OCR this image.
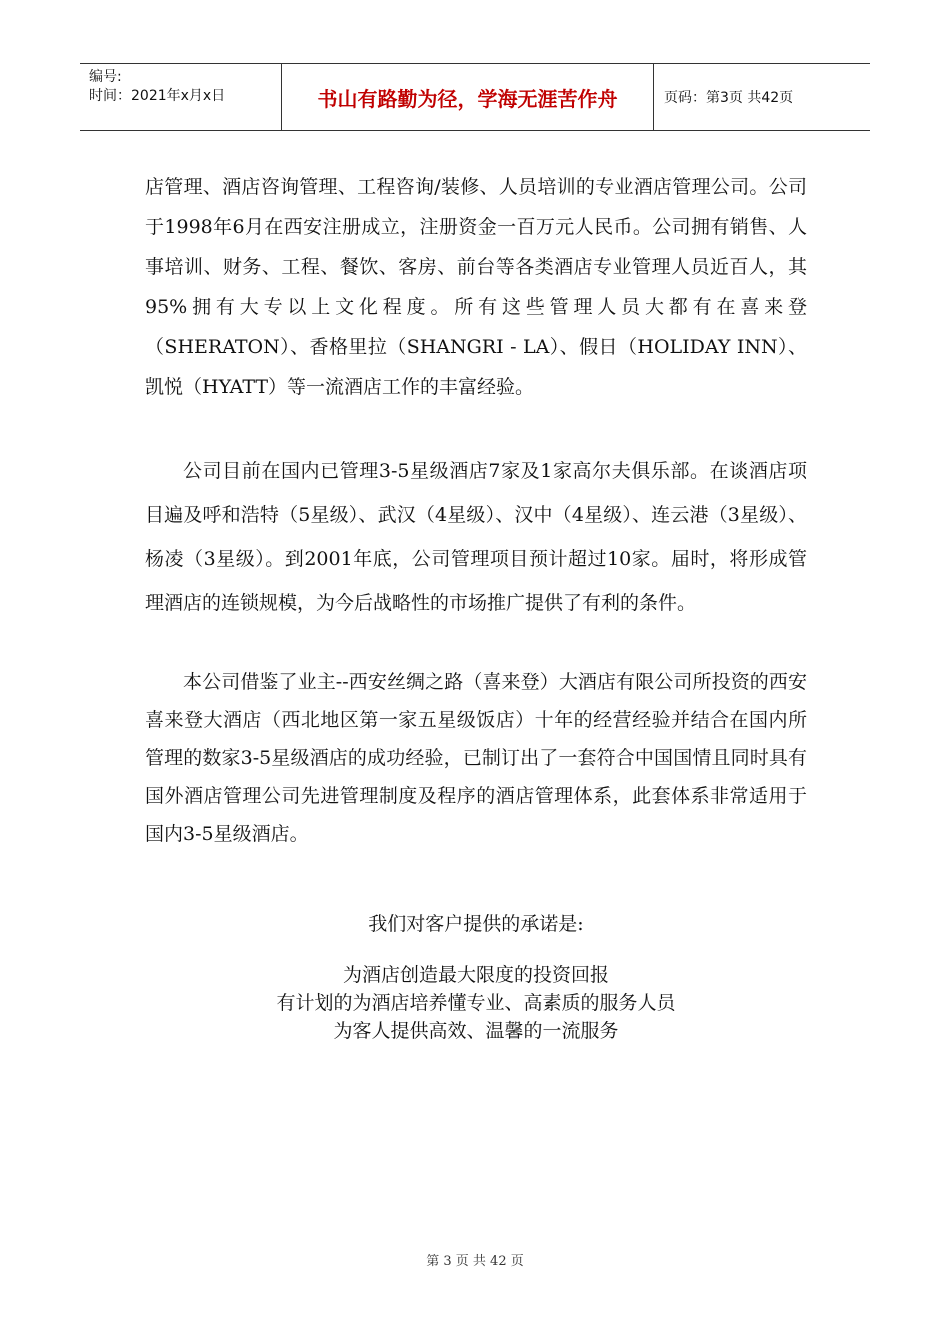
编号:
时间：2021年x月x日	书山有路勤为径，学海无涯苦作舟	页码：第3页 共42页

店管理、酒店咨询管理、工程咨询/装修、人员培训的专业酒店管理公司。公司于1998年6月在西安注册成立，注册资金一百万元人民币。公司拥有销售、人事培训、财务、工程、餐饮、客房、前台等各类酒店专业管理人员近百人，其95%拥有大专以上文化程度。所有这些管理人员大都有在喜来登（SHERATON）、香格里拉（SHANGRI - LA）、假日（HOLIDAY INN）、凯悦（HYATT）等一流酒店工作的丰富经验。

公司目前在国内已管理3-5星级酒店7家及1家高尔夫俱乐部。在谈酒店项目遍及呼和浩特（5星级）、武汉（4星级）、汉中（4星级）、连云港（3星级）、杨凌（3星级）。到2001年底，公司管理项目预计超过10家。届时，将形成管理酒店的连锁规模，为今后战略性的市场推广提供了有利的条件。

本公司借鉴了业主--西安丝绸之路（喜来登）大酒店有限公司所投资的西安喜来登大酒店（西北地区第一家五星级饭店）十年的经营经验并结合在国内所管理的数家3-5星级酒店的成功经验，已制订出了一套符合中国国情且同时具有国外酒店管理公司先进管理制度及程序的酒店管理体系，此套体系非常适用于国内3-5星级酒店。

我们对客户提供的承诺是:
为酒店创造最大限度的投资回报
有计划的为酒店培养懂专业、高素质的服务人员
为客人提供高效、温馨的一流服务
第 3 页 共 42 页
